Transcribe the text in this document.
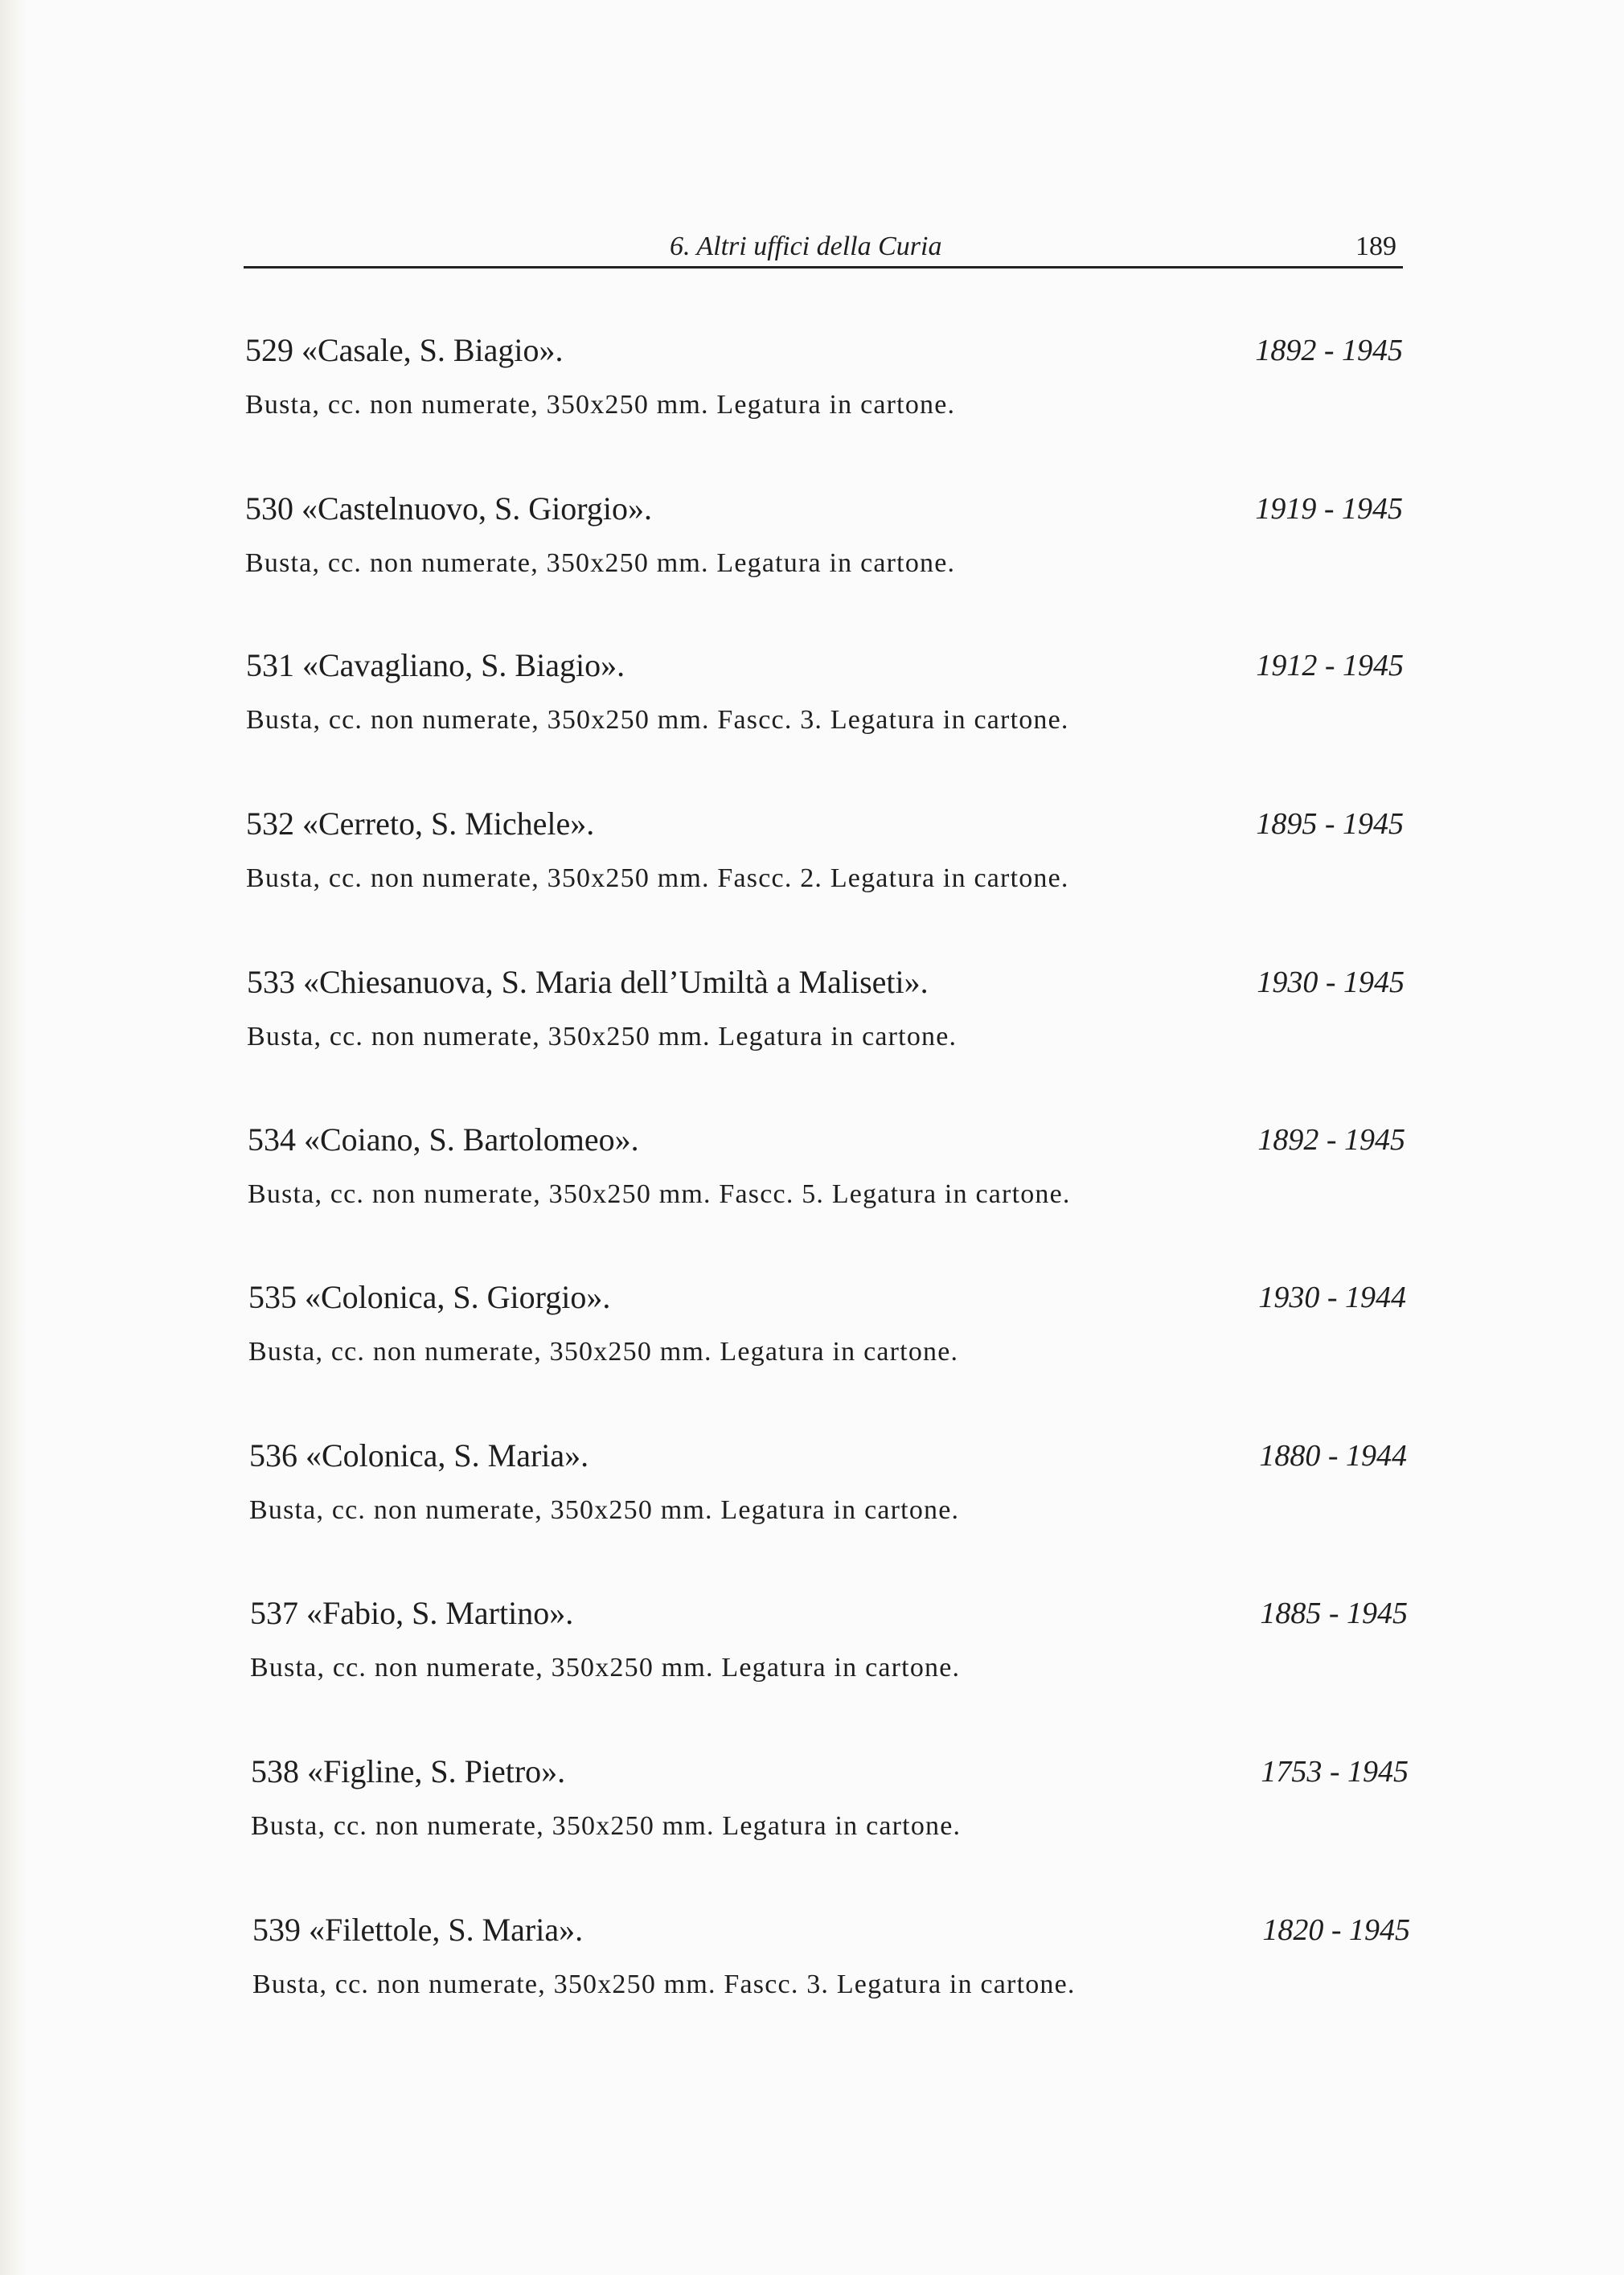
6. Altri uffici della Curia	189
529 «Casale, S. Biagio».	1892 - 1945
Busta, cc. non numerate, 350x250 mm. Legatura in cartone.
530 «Castelnuovo, S. Giorgio».	1919 - 1945
Busta, cc. non numerate, 350x250 mm. Legatura in cartone.
531 «Cavagliano, S. Biagio».	1912 - 1945
Busta, cc. non numerate, 350x250 mm. Fascc. 3. Legatura in cartone.
532 «Cerreto, S. Michele».	1895 - 1945
Busta, cc. non numerate, 350x250 mm. Fascc. 2. Legatura in cartone.
533 «Chiesanuova, S. Maria dell’Umiltà a Maliseti».	1930 - 1945
Busta, cc. non numerate, 350x250 mm. Legatura in cartone.
534 «Coiano, S. Bartolomeo».	1892 - 1945
Busta, cc. non numerate, 350x250 mm. Fascc. 5. Legatura in cartone.
535 «Colonica, S. Giorgio».	1930 - 1944
Busta, cc. non numerate, 350x250 mm. Legatura in cartone.
536 «Colonica, S. Maria».	1880 - 1944
Busta, cc. non numerate, 350x250 mm. Legatura in cartone.
537 «Fabio, S. Martino».	1885 - 1945
Busta, cc. non numerate, 350x250 mm. Legatura in cartone.
538 «Figline, S. Pietro».	1753 - 1945
Busta, cc. non numerate, 350x250 mm. Legatura in cartone.
539 «Filettole, S. Maria».	1820 - 1945
Busta, cc. non numerate, 350x250 mm. Fascc. 3. Legatura in cartone.
